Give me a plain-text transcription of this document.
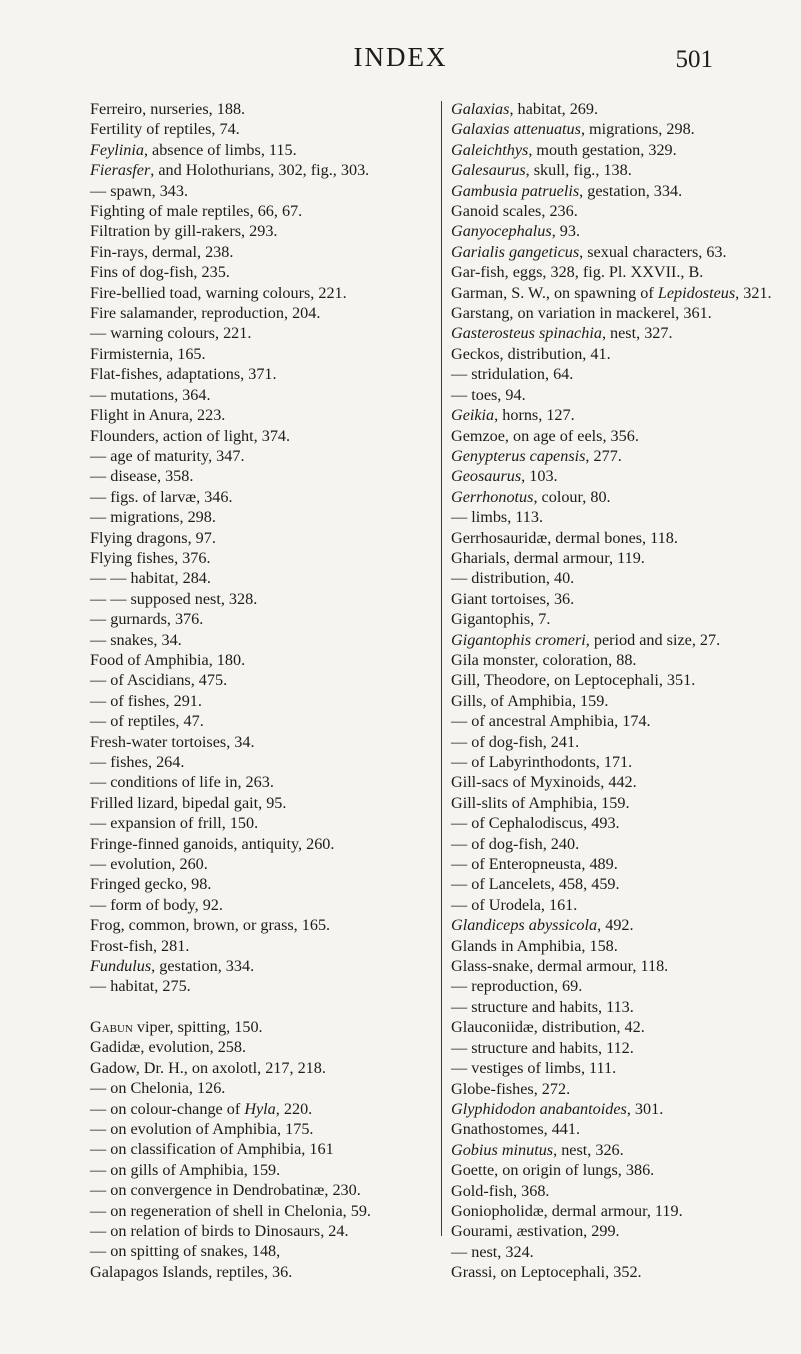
INDEX	501
Ferreiro, nurseries, 188.
Fertility of reptiles, 74.
Feylinia, absence of limbs, 115.
Fierasfer, and Holothurians, 302, fig., 303.
— spawn, 343.
Fighting of male reptiles, 66, 67.
Filtration by gill-rakers, 293.
Fin-rays, dermal, 238.
Fins of dog-fish, 235.
Fire-bellied toad, warning colours, 221.
Fire salamander, reproduction, 204.
— warning colours, 221.
Firmisternia, 165.
Flat-fishes, adaptations, 371.
— mutations, 364.
Flight in Anura, 223.
Flounders, action of light, 374.
— age of maturity, 347.
— disease, 358.
— figs. of larvæ, 346.
— migrations, 298.
Flying dragons, 97.
Flying fishes, 376.
— — habitat, 284.
— — supposed nest, 328.
— gurnards, 376.
— snakes, 34.
Food of Amphibia, 180.
— of Ascidians, 475.
— of fishes, 291.
— of reptiles, 47.
Fresh-water tortoises, 34.
— fishes, 264.
— conditions of life in, 263.
Frilled lizard, bipedal gait, 95.
— expansion of frill, 150.
Fringe-finned ganoids, antiquity, 260.
— evolution, 260.
Fringed gecko, 98.
— form of body, 92.
Frog, common, brown, or grass, 165.
Frost-fish, 281.
Fundulus, gestation, 334.
— habitat, 275.
Gabun viper, spitting, 150.
Gadidæ, evolution, 258.
Gadow, Dr. H., on axolotl, 217, 218.
— on Chelonia, 126.
— on colour-change of Hyla, 220.
— on evolution of Amphibia, 175.
— on classification of Amphibia, 161
— on gills of Amphibia, 159.
— on convergence in Dendrobatinæ, 230.
— on regeneration of shell in Chelonia, 59.
— on relation of birds to Dinosaurs, 24.
— on spitting of snakes, 148,
Galapagos Islands, reptiles, 36.
Galaxias, habitat, 269.
Galaxias attenuatus, migrations, 298.
Galeichthys, mouth gestation, 329.
Galesaurus, skull, fig., 138.
Gambusia patruelis, gestation, 334.
Ganoid scales, 236.
Ganyocephalus, 93.
Garialis gangeticus, sexual characters, 63.
Gar-fish, eggs, 328, fig. Pl. XXVII., B.
Garman, S. W., on spawning of Lepidosteus, 321.
Garstang, on variation in mackerel, 361.
Gasterosteus spinachia, nest, 327.
Geckos, distribution, 41.
— stridulation, 64.
— toes, 94.
Geikia, horns, 127.
Gemzoe, on age of eels, 356.
Genypterus capensis, 277.
Geosaurus, 103.
Gerrhonotus, colour, 80.
— limbs, 113.
Gerrhosauridæ, dermal bones, 118.
Gharials, dermal armour, 119.
— distribution, 40.
Giant tortoises, 36.
Gigantophis, 7.
Gigantophis cromeri, period and size, 27.
Gila monster, coloration, 88.
Gill, Theodore, on Leptocephali, 351.
Gills, of Amphibia, 159.
— of ancestral Amphibia, 174.
— of dog-fish, 241.
— of Labyrinthodonts, 171.
Gill-sacs of Myxinoids, 442.
Gill-slits of Amphibia, 159.
— of Cephalodiscus, 493.
— of dog-fish, 240.
— of Enteropneusta, 489.
— of Lancelets, 458, 459.
— of Urodela, 161.
Glandiceps abyssicola, 492.
Glands in Amphibia, 158.
Glass-snake, dermal armour, 118.
— reproduction, 69.
— structure and habits, 113.
Glauconiidæ, distribution, 42.
— structure and habits, 112.
— vestiges of limbs, 111.
Globe-fishes, 272.
Glyphidodon anabantoides, 301.
Gnathostomes, 441.
Gobius minutus, nest, 326.
Goette, on origin of lungs, 386.
Gold-fish, 368.
Goniopholidæ, dermal armour, 119.
Gourami, æstivation, 299.
— nest, 324.
Grassi, on Leptocephali, 352.
